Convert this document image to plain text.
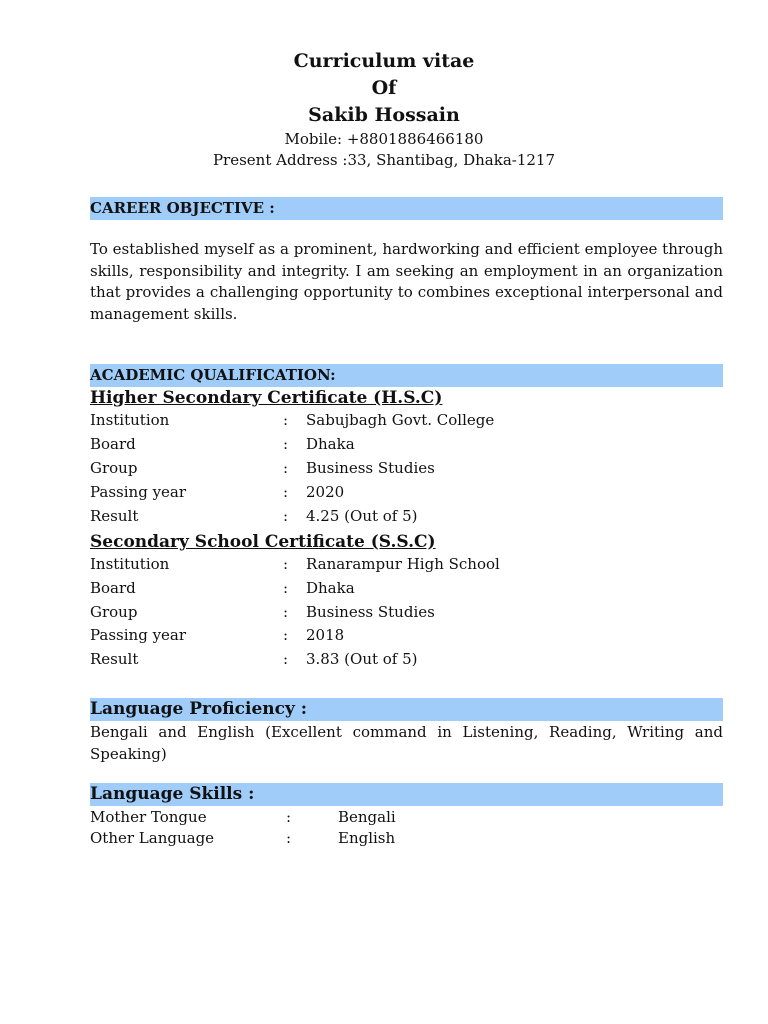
Curriculum vitae
Of
Sakib Hossain
Mobile: +8801886466180
Present Address :33, Shantibag, Dhaka-1217
CAREER OBJECTIVE :
To established myself as a prominent, hardworking and efficient employee through skills, responsibility and integrity. I am seeking an employment in an organization that provides a challenging opportunity to combines exceptional interpersonal and management skills.
ACADEMIC QUALIFICATION:
Higher Secondary Certificate (H.S.C)
Institution	: Sabujbagh Govt. College
Board	: Dhaka
Group	: Business Studies
Passing year	: 2020
Result	: 4.25 (Out of 5)
Secondary School Certificate (S.S.C)
Institution	: Ranarampur High School
Board	: Dhaka
Group	: Business Studies
Passing year	: 2018
Result	: 3.83 (Out of 5)
Language Proficiency :
Bengali and English (Excellent command in Listening, Reading, Writing and Speaking)
Language Skills :
Mother Tongue	:	Bengali
Other Language	:	English
